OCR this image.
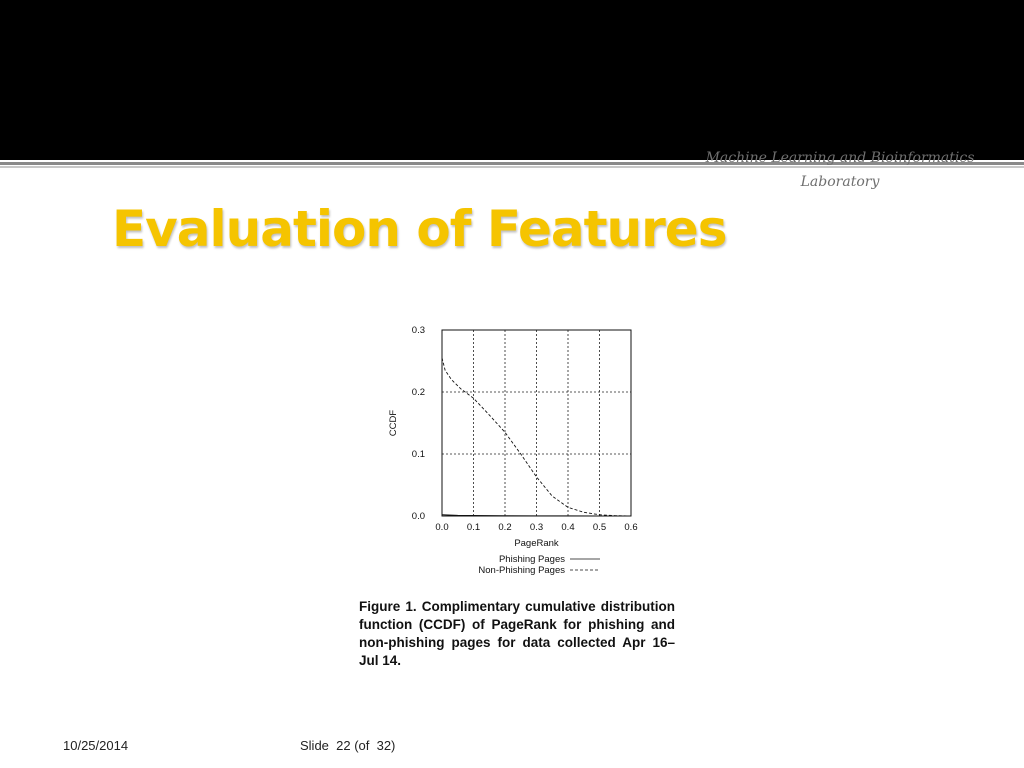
Machine Learning and Bioinformatics
Laboratory
Evaluation of Features
0.0 0.1 0.2 0.3 0.4 0.5 0.6
0.0
0.1
0.2
0.3
PageRank
CCDF
Phishing Pages
Non-Phishing Pages

Figure 1. Complimentary cumulative distribution function (CCDF) of PageRank for phishing and non-phishing pages for data collected Apr 16–Jul 14.

10/25/2014	Slide  22 (of  32)
